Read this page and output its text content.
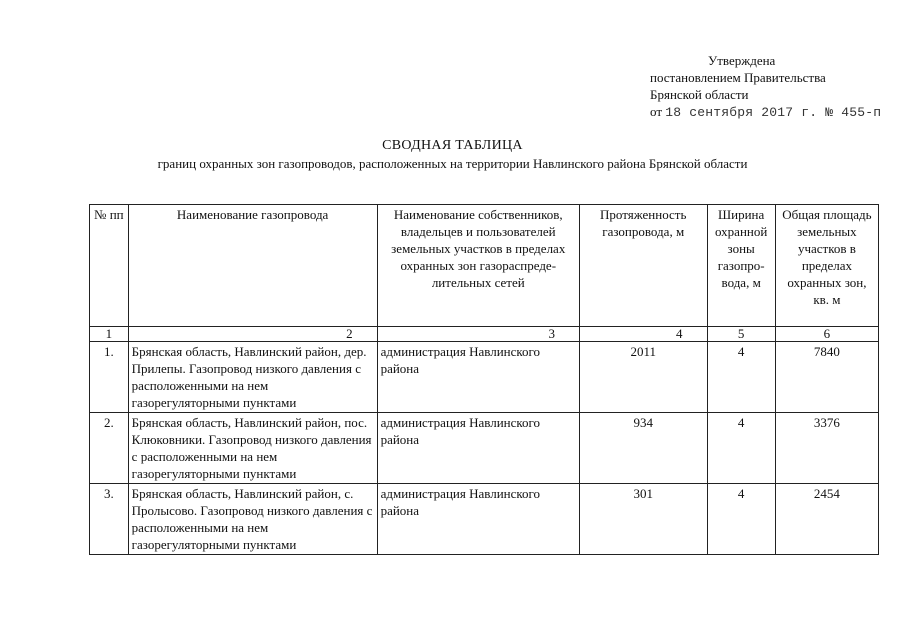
Утверждена
постановлением Правительства
Брянской области
от 18 сентября 2017 г. № 455-п
СВОДНАЯ ТАБЛИЦА
границ охранных зон газопроводов, расположенных на территории Навлинского района Брянской области
№ пп	Наименование газопровода	Наименование собственников, владельцев и пользователей земельных участков в пределах охранных зон газораспреде- лительных сетей	Протяженность газопровода, м	Ширина охранной зоны газопро- вода, м	Общая площадь земельных участков в пределах охранных зон, кв. м
1	2	3	4	5	6
1.	Брянская область, Навлинский район, дер. Прилепы. Газопровод низкого давления с расположенными на нем газорегуляторными пунктами	администрация Навлинского района	2011	4	7840
2.	Брянская область, Навлинский район, пос. Клюковники. Газопровод низкого давления с расположенными на нем газорегуляторными пунктами	администрация Навлинского района	934	4	3376
3.	Брянская область, Навлинский район, с. Пролысово. Газопровод низкого давления с расположенными на нем газорегуляторными пунктами	администрация Навлинского района	301	4	2454
